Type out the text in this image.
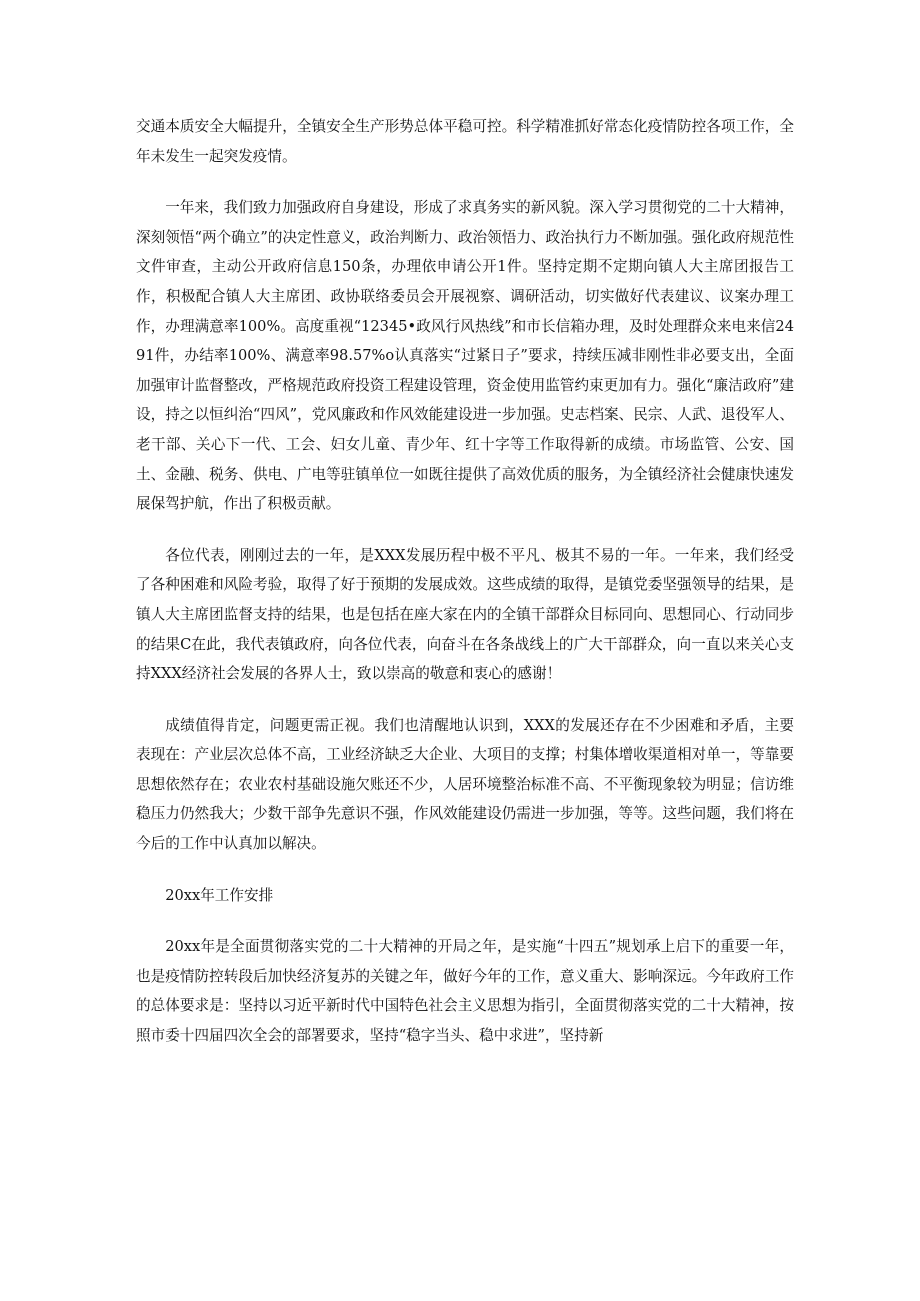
交通本质安全大幅提升，全镇安全生产形势总体平稳可控。科学精准抓好常态化疫情防控各项工作，全年未发生一起突发疫情。

一年来，我们致力加强政府自身建设，形成了求真务实的新风貌。深入学习贯彻党的二十大精神，深刻领悟“两个确立”的决定性意义，政治判断力、政治领悟力、政治执行力不断加强。强化政府规范性文件审查，主动公开政府信息150条，办理依申请公开1件。坚持定期不定期向镇人大主席团报告工作，积极配合镇人大主席团、政协联络委员会开展视察、调研活动，切实做好代表建议、议案办理工作，办理满意率100%。高度重视“12345•政风行风热线”和市长信箱办理，及时处理群众来电来信2491件，办结率100%、满意率98.57%o认真落实“过紧日子”要求，持续压减非刚性非必要支出，全面加强审计监督整改，严格规范政府投资工程建设管理，资金使用监管约束更加有力。强化“廉洁政府”建设，持之以恒纠治“四风”，党风廉政和作风效能建设进一步加强。史志档案、民宗、人武、退役军人、老干部、关心下一代、工会、妇女儿童、青少年、红十字等工作取得新的成绩。市场监管、公安、国土、金融、税务、供电、广电等驻镇单位一如既往提供了高效优质的服务，为全镇经济社会健康快速发展保驾护航，作出了积极贡献。

各位代表，刚刚过去的一年，是XXX发展历程中极不平凡、极其不易的一年。一年来，我们经受了各种困难和风险考验，取得了好于预期的发展成效。这些成绩的取得，是镇党委坚强领导的结果，是镇人大主席团监督支持的结果，也是包括在座大家在内的全镇干部群众目标同向、思想同心、行动同步的结果C在此，我代表镇政府，向各位代表，向奋斗在各条战线上的广大干部群众，向一直以来关心支持XXX经济社会发展的各界人士，致以崇高的敬意和衷心的感谢！

成绩值得肯定，问题更需正视。我们也清醒地认识到，XXX的发展还存在不少困难和矛盾，主要表现在：产业层次总体不高，工业经济缺乏大企业、大项目的支撑；村集体增收渠道相对单一，等靠要思想依然存在；农业农村基础设施欠账还不少，人居环境整治标准不高、不平衡现象较为明显；信访维稳压力仍然我大；少数干部争先意识不强，作风效能建设仍需进一步加强，等等。这些问题，我们将在今后的工作中认真加以解决。

20xx年工作安排

20xx年是全面贯彻落实党的二十大精神的开局之年，是实施“十四五”规划承上启下的重要一年，也是疫情防控转段后加快经济复苏的关键之年，做好今年的工作，意义重大、影响深远。今年政府工作的总体要求是：坚持以习近平新时代中国特色社会主义思想为指引，全面贯彻落实党的二十大精神，按照市委十四届四次全会的部署要求，坚持“稳字当头、稳中求进”，坚持新
